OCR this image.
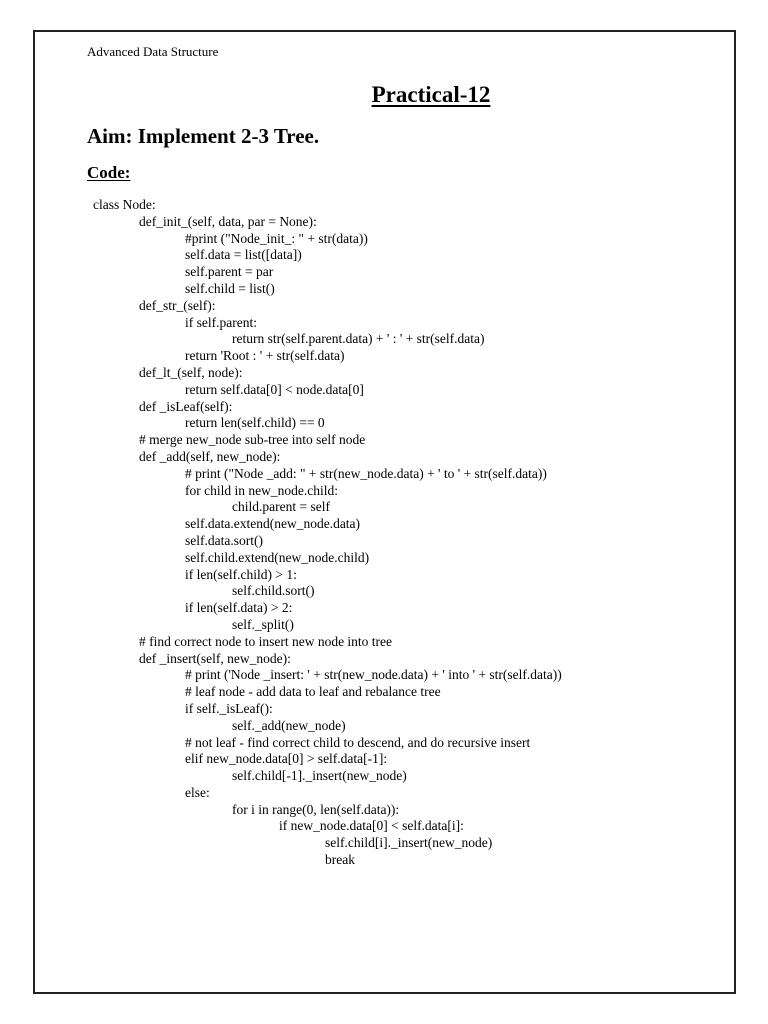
Advanced Data Structure
Practical-12
Aim: Implement 2-3 Tree.
Code:
class Node:
def_init_(self, data, par = None):
#print ("Node_init_: " + str(data))
self.data = list([data])
self.parent = par
self.child = list()
def_str_(self):
if self.parent:
return str(self.parent.data) + ' : ' + str(self.data)
return 'Root : ' + str(self.data)
def_lt_(self, node):
return self.data[0] < node.data[0]
def _isLeaf(self):
return len(self.child) == 0
# merge new_node sub-tree into self node
def _add(self, new_node):
# print ("Node _add: " + str(new_node.data) + ' to ' + str(self.data))
for child in new_node.child:
child.parent = self
self.data.extend(new_node.data)
self.data.sort()
self.child.extend(new_node.child)
if len(self.child) > 1:
self.child.sort()
if len(self.data) > 2:
self._split()
# find correct node to insert new node into tree
def _insert(self, new_node):
# print ('Node _insert: ' + str(new_node.data) + ' into ' + str(self.data))
# leaf node - add data to leaf and rebalance tree
if self._isLeaf():
self._add(new_node)
# not leaf - find correct child to descend, and do recursive insert
elif new_node.data[0] > self.data[-1]:
self.child[-1]._insert(new_node)
else:
for i in range(0, len(self.data)):
if new_node.data[0] < self.data[i]:
self.child[i]._insert(new_node)
break
